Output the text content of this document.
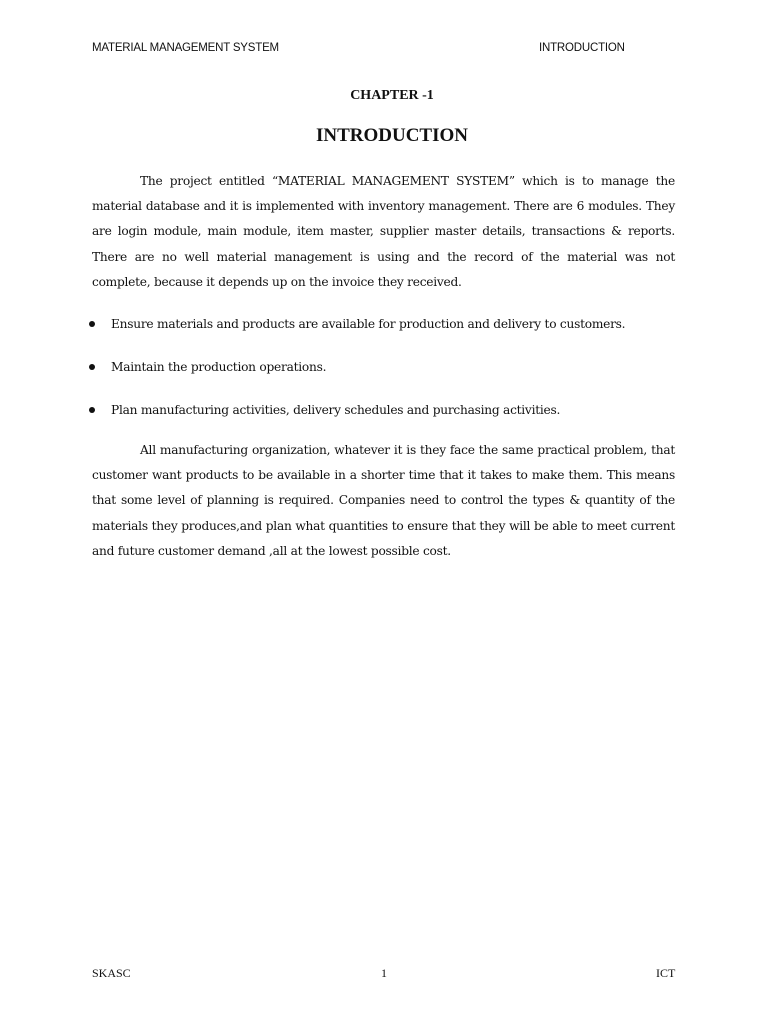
MATERIAL MANAGEMENT SYSTEM	INTRODUCTION
CHAPTER -1
INTRODUCTION

The project entitled “MATERIAL MANAGEMENT SYSTEM” which is to manage the material database and it is implemented with inventory management. There are 6 modules. They are login module, main module, item master, supplier master details, transactions & reports. There are no well material management is using and the record of the material was not complete, because it depends up on the invoice they received.

Ensure materials and products are available for production and delivery to customers.
Maintain the production operations.
Plan manufacturing activities, delivery schedules and purchasing activities.

All manufacturing organization, whatever it is they face the same practical problem, that customer want products to be available in a shorter time that it takes to make them. This means that some level of planning is required. Companies need to control the types & quantity of the materials they produces,and plan what quantities to ensure that they will be able to meet current and future customer demand ,all at the lowest possible cost.

SKASC	1	ICT
